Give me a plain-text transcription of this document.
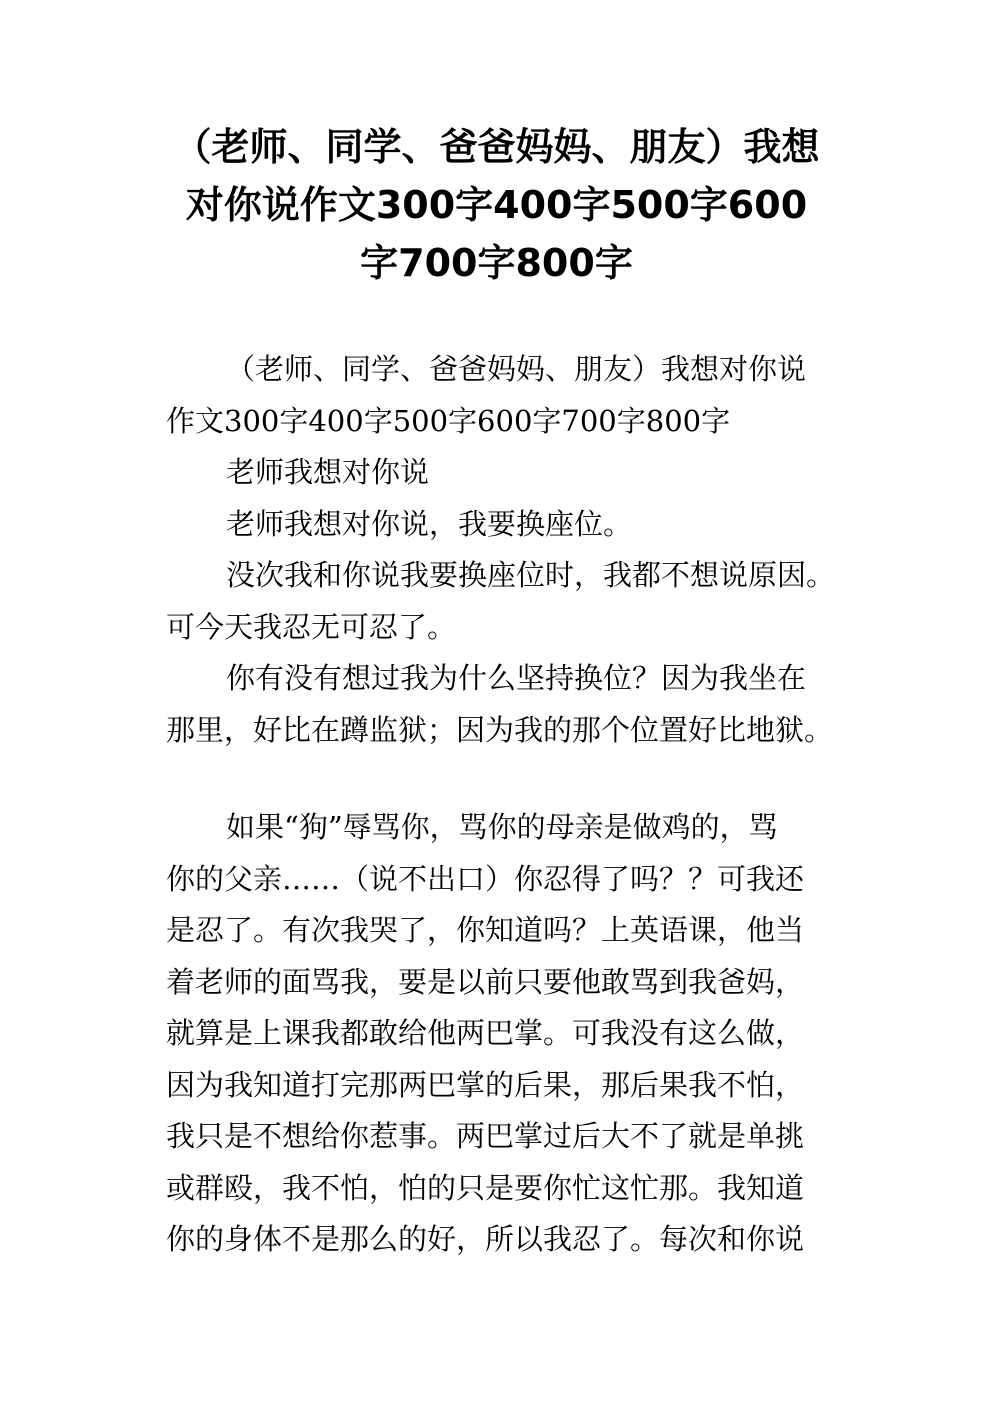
（老师、同学、爸爸妈妈、朋友）我想
对你说作文300字400字500字600
字700字800字
（老师、同学、爸爸妈妈、朋友）我想对你说
作文300字400字500字600字700字800字
老师我想对你说
老师我想对你说，我要换座位。
没次我和你说我要换座位时，我都不想说原因。
可今天我忍无可忍了。
你有没有想过我为什么坚持换位？因为我坐在
那里，好比在蹲监狱；因为我的那个位置好比地狱。
如果“狗”辱骂你，骂你的母亲是做鸡的，骂
你的父亲……（说不出口）你忍得了吗？？可我还
是忍了。有次我哭了，你知道吗？上英语课，他当
着老师的面骂我，要是以前只要他敢骂到我爸妈，
就算是上课我都敢给他两巴掌。可我没有这么做，
因为我知道打完那两巴掌的后果，那后果我不怕，
我只是不想给你惹事。两巴掌过后大不了就是单挑
或群殴，我不怕，怕的只是要你忙这忙那。我知道
你的身体不是那么的好，所以我忍了。每次和你说
